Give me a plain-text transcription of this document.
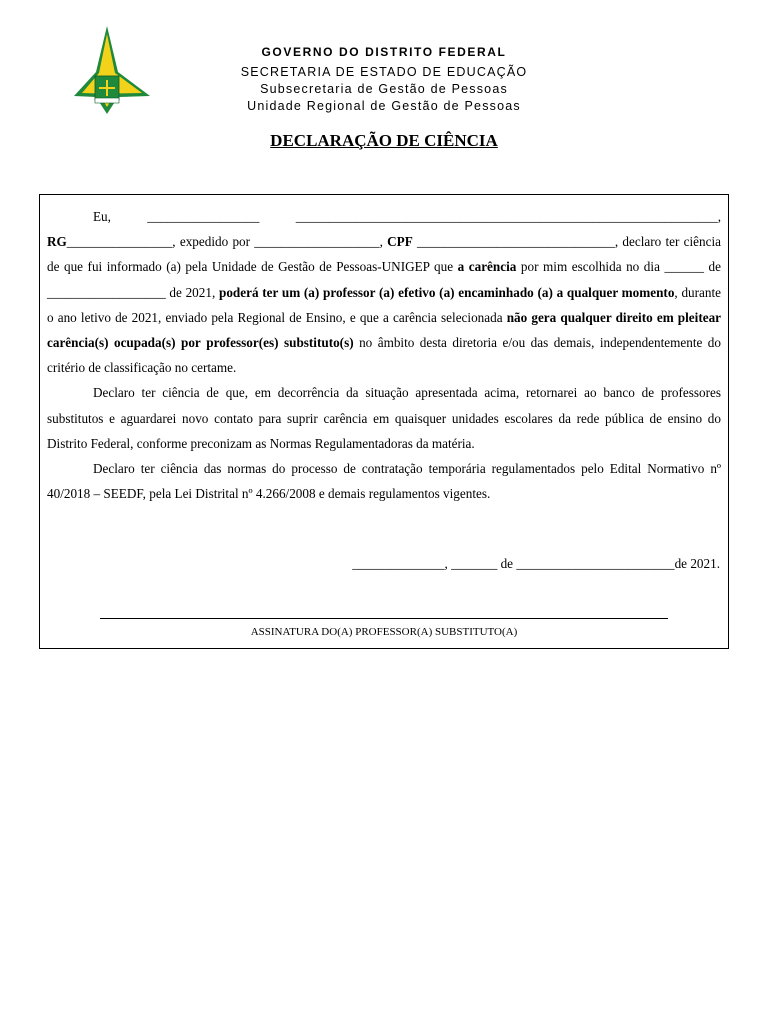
GOVERNO DO DISTRITO FEDERAL
SECRETARIA DE ESTADO DE EDUCAÇÃO
Subsecretaria de Gestão de Pessoas
Unidade Regional de Gestão de Pessoas
DECLARAÇÃO DE CIÊNCIA

Eu, _________________ ________________________________________________________________, RG________________, expedido por ___________________, CPF ______________________________, declaro ter ciência de que fui informado (a) pela Unidade de Gestão de Pessoas-UNIGEP que a carência por mim escolhida no dia ______ de __________________ de 2021, poderá ter um (a) professor (a) efetivo (a) encaminhado (a) a qualquer momento, durante o ano letivo de 2021, enviado pela Regional de Ensino, e que a carência selecionada não gera qualquer direito em pleitear carência(s) ocupada(s) por professor(es) substituto(s) no âmbito desta diretoria e/ou das demais, independentemente do critério de classificação no certame.

Declaro ter ciência de que, em decorrência da situação apresentada acima, retornarei ao banco de professores substitutos e aguardarei novo contato para suprir carência em quaisquer unidades escolares da rede pública de ensino do Distrito Federal, conforme preconizam as Normas Regulamentadoras da matéria.

Declaro ter ciência das normas do processo de contratação temporária regulamentados pelo Edital Normativo nº 40/2018 – SEEDF, pela Lei Distrital nº 4.266/2008 e demais regulamentos vigentes.

______________, _______ de ________________________de 2021.
ASSINATURA DO(A) PROFESSOR(A) SUBSTITUTO(A)
